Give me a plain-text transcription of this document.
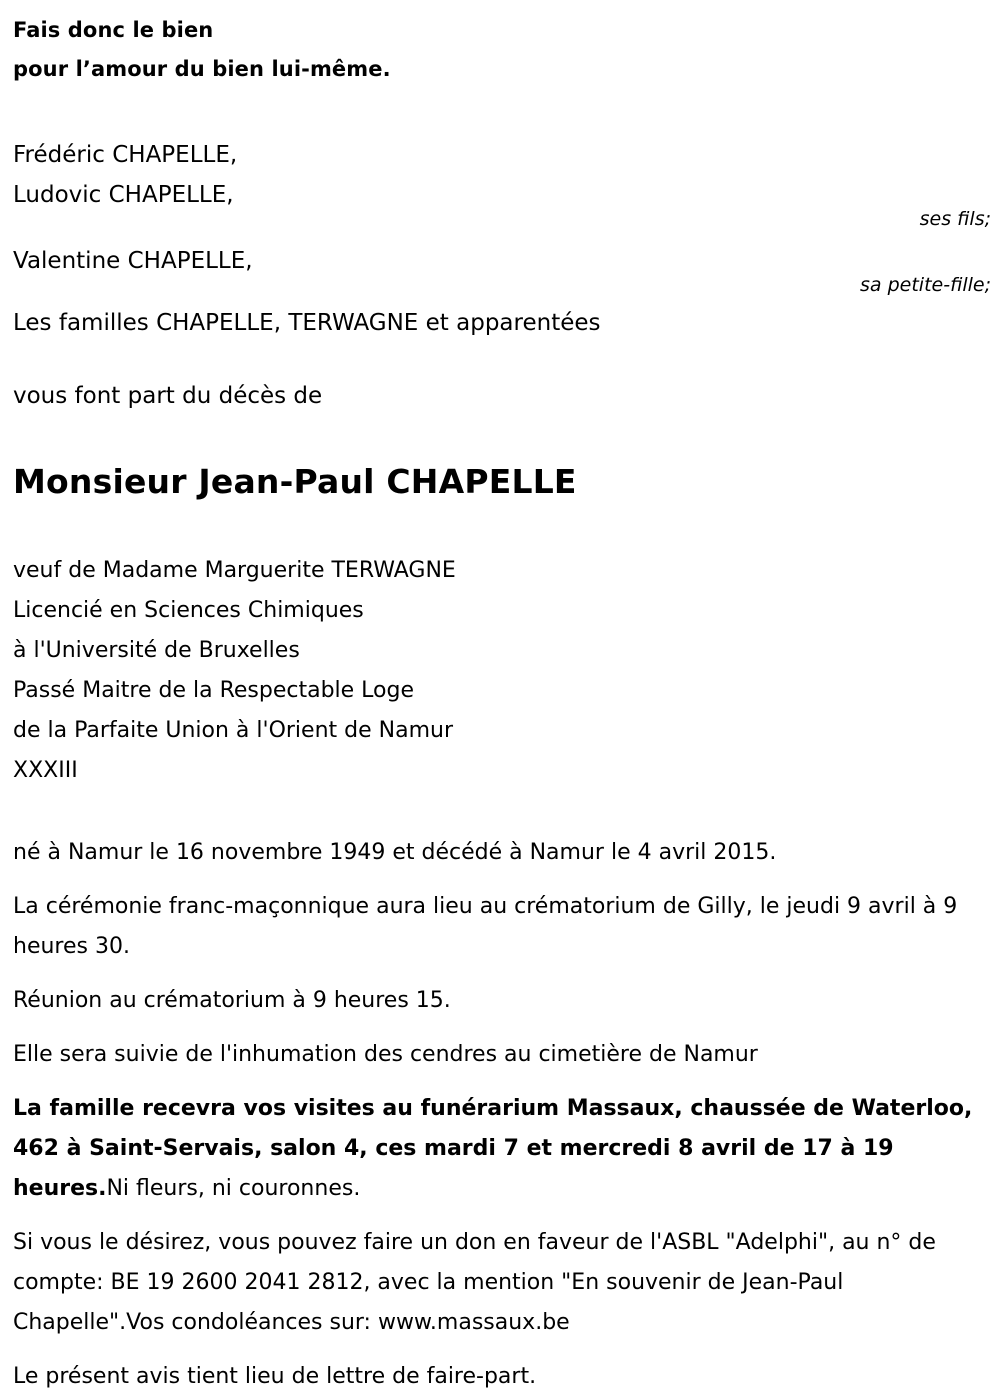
Fais donc le bien
pour l’amour du bien lui-même.
Frédéric CHAPELLE,
Ludovic CHAPELLE,
ses fils;
Valentine CHAPELLE,
sa petite-fille;
Les familles CHAPELLE, TERWAGNE et apparentées
vous font part du décès de
Monsieur Jean-Paul CHAPELLE
veuf de Madame Marguerite TERWAGNE
Licencié en Sciences Chimiques
à l'Université de Bruxelles
Passé Maitre de la Respectable Loge
de la Parfaite Union à l'Orient de Namur
XXXIII

né à Namur le 16 novembre 1949 et décédé à Namur le 4 avril 2015.

La cérémonie franc-maçonnique aura lieu au crématorium de Gilly, le jeudi 9 avril à 9 heures 30.

Réunion au crématorium à 9 heures 15.

Elle sera suivie de l'inhumation des cendres au cimetière de Namur

La famille recevra vos visites au funérarium Massaux, chaussée de Waterloo, 462 à Saint-Servais, salon 4, ces mardi 7 et mercredi 8 avril de 17 à 19 heures.Ni fleurs, ni couronnes.

Si vous le désirez, vous pouvez faire un don en faveur de l'ASBL "Adelphi", au n° de compte: BE 19 2600 2041 2812, avec la mention "En souvenir de Jean-Paul Chapelle".Vos condoléances sur: www.massaux.be

Le présent avis tient lieu de lettre de faire-part.
